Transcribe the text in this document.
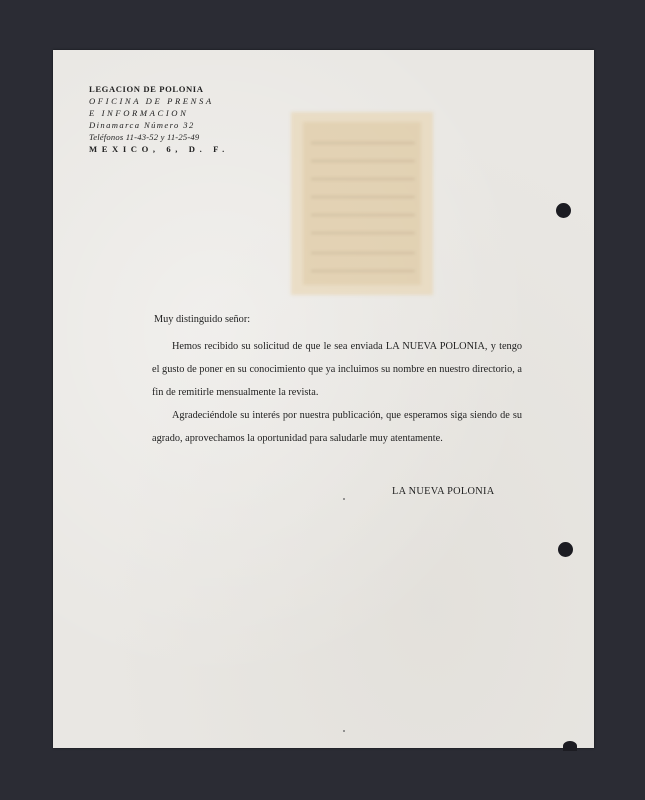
LEGACION DE POLONIA
OFICINA DE PRENSA
E INFORMACION
Dinamarca Número 32
Teléfonos 11-43-52 y 11-25-49
MEXICO, 6, D. F.
Muy distinguido señor:

Hemos recibido su solicitud de que le sea enviada LA NUEVA POLONIA, y tengo el gusto de poner en su conocimiento que ya incluimos su nombre en nuestro directorio, a fin de remitirle mensualmente la revista.

Agradeciéndole su interés por nuestra publicación, que esperamos siga siendo de su agrado, aprovechamos la oportunidad para saludarle muy atentamente.

LA NUEVA POLONIA
